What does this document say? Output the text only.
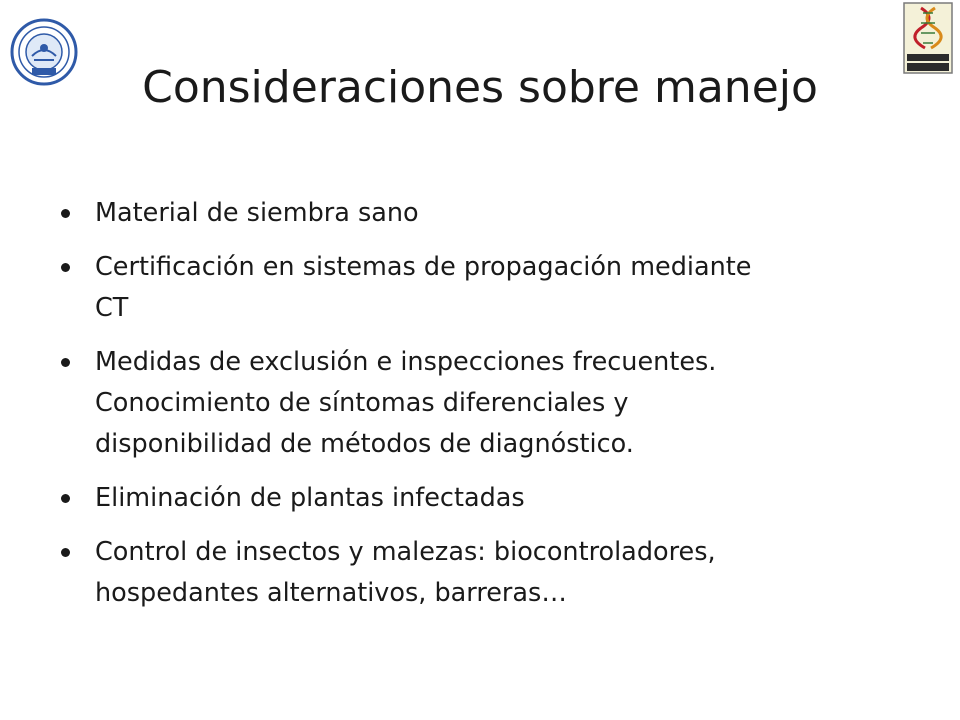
Consideraciones sobre manejo
Material de siembra sano
Certificación en sistemas de propagación mediante
CT
Medidas de exclusión e inspecciones frecuentes.
Conocimiento de síntomas diferenciales y
disponibilidad de métodos de diagnóstico.
Eliminación de plantas infectadas
Control de insectos y malezas: biocontroladores,
hospedantes alternativos, barreras…
